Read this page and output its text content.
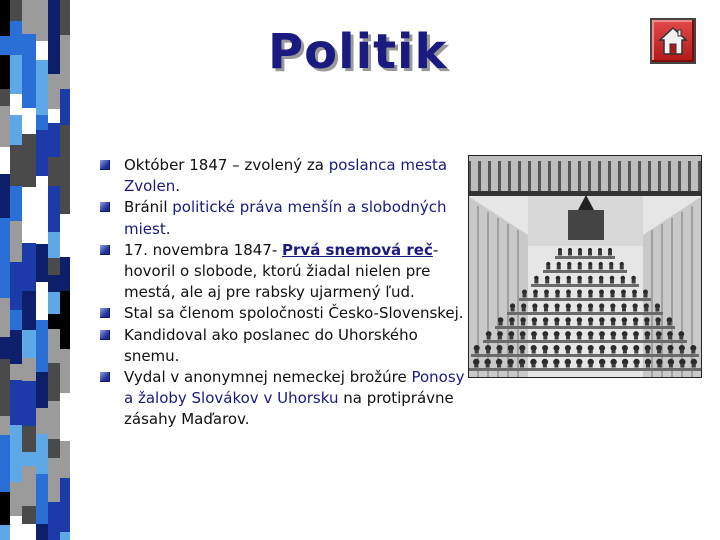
Politik
Október 1847 – zvolený za poslanca mesta Zvolen.
Bránil politické práva menšín a slobodných miest.
17. novembra 1847- Prvá snemová reč- hovoril o slobode, ktorú žiadal nielen pre mestá, ale aj pre rabsky ujarmený ľud.
Stal sa členom spoločnosti Česko-Slovenskej.
Kandidoval ako poslanec do Uhorského snemu.
Vydal v anonymnej nemeckej brožúre Ponosy a žaloby Slovákov v Uhorsku na protiprávne zásahy Maďarov.
